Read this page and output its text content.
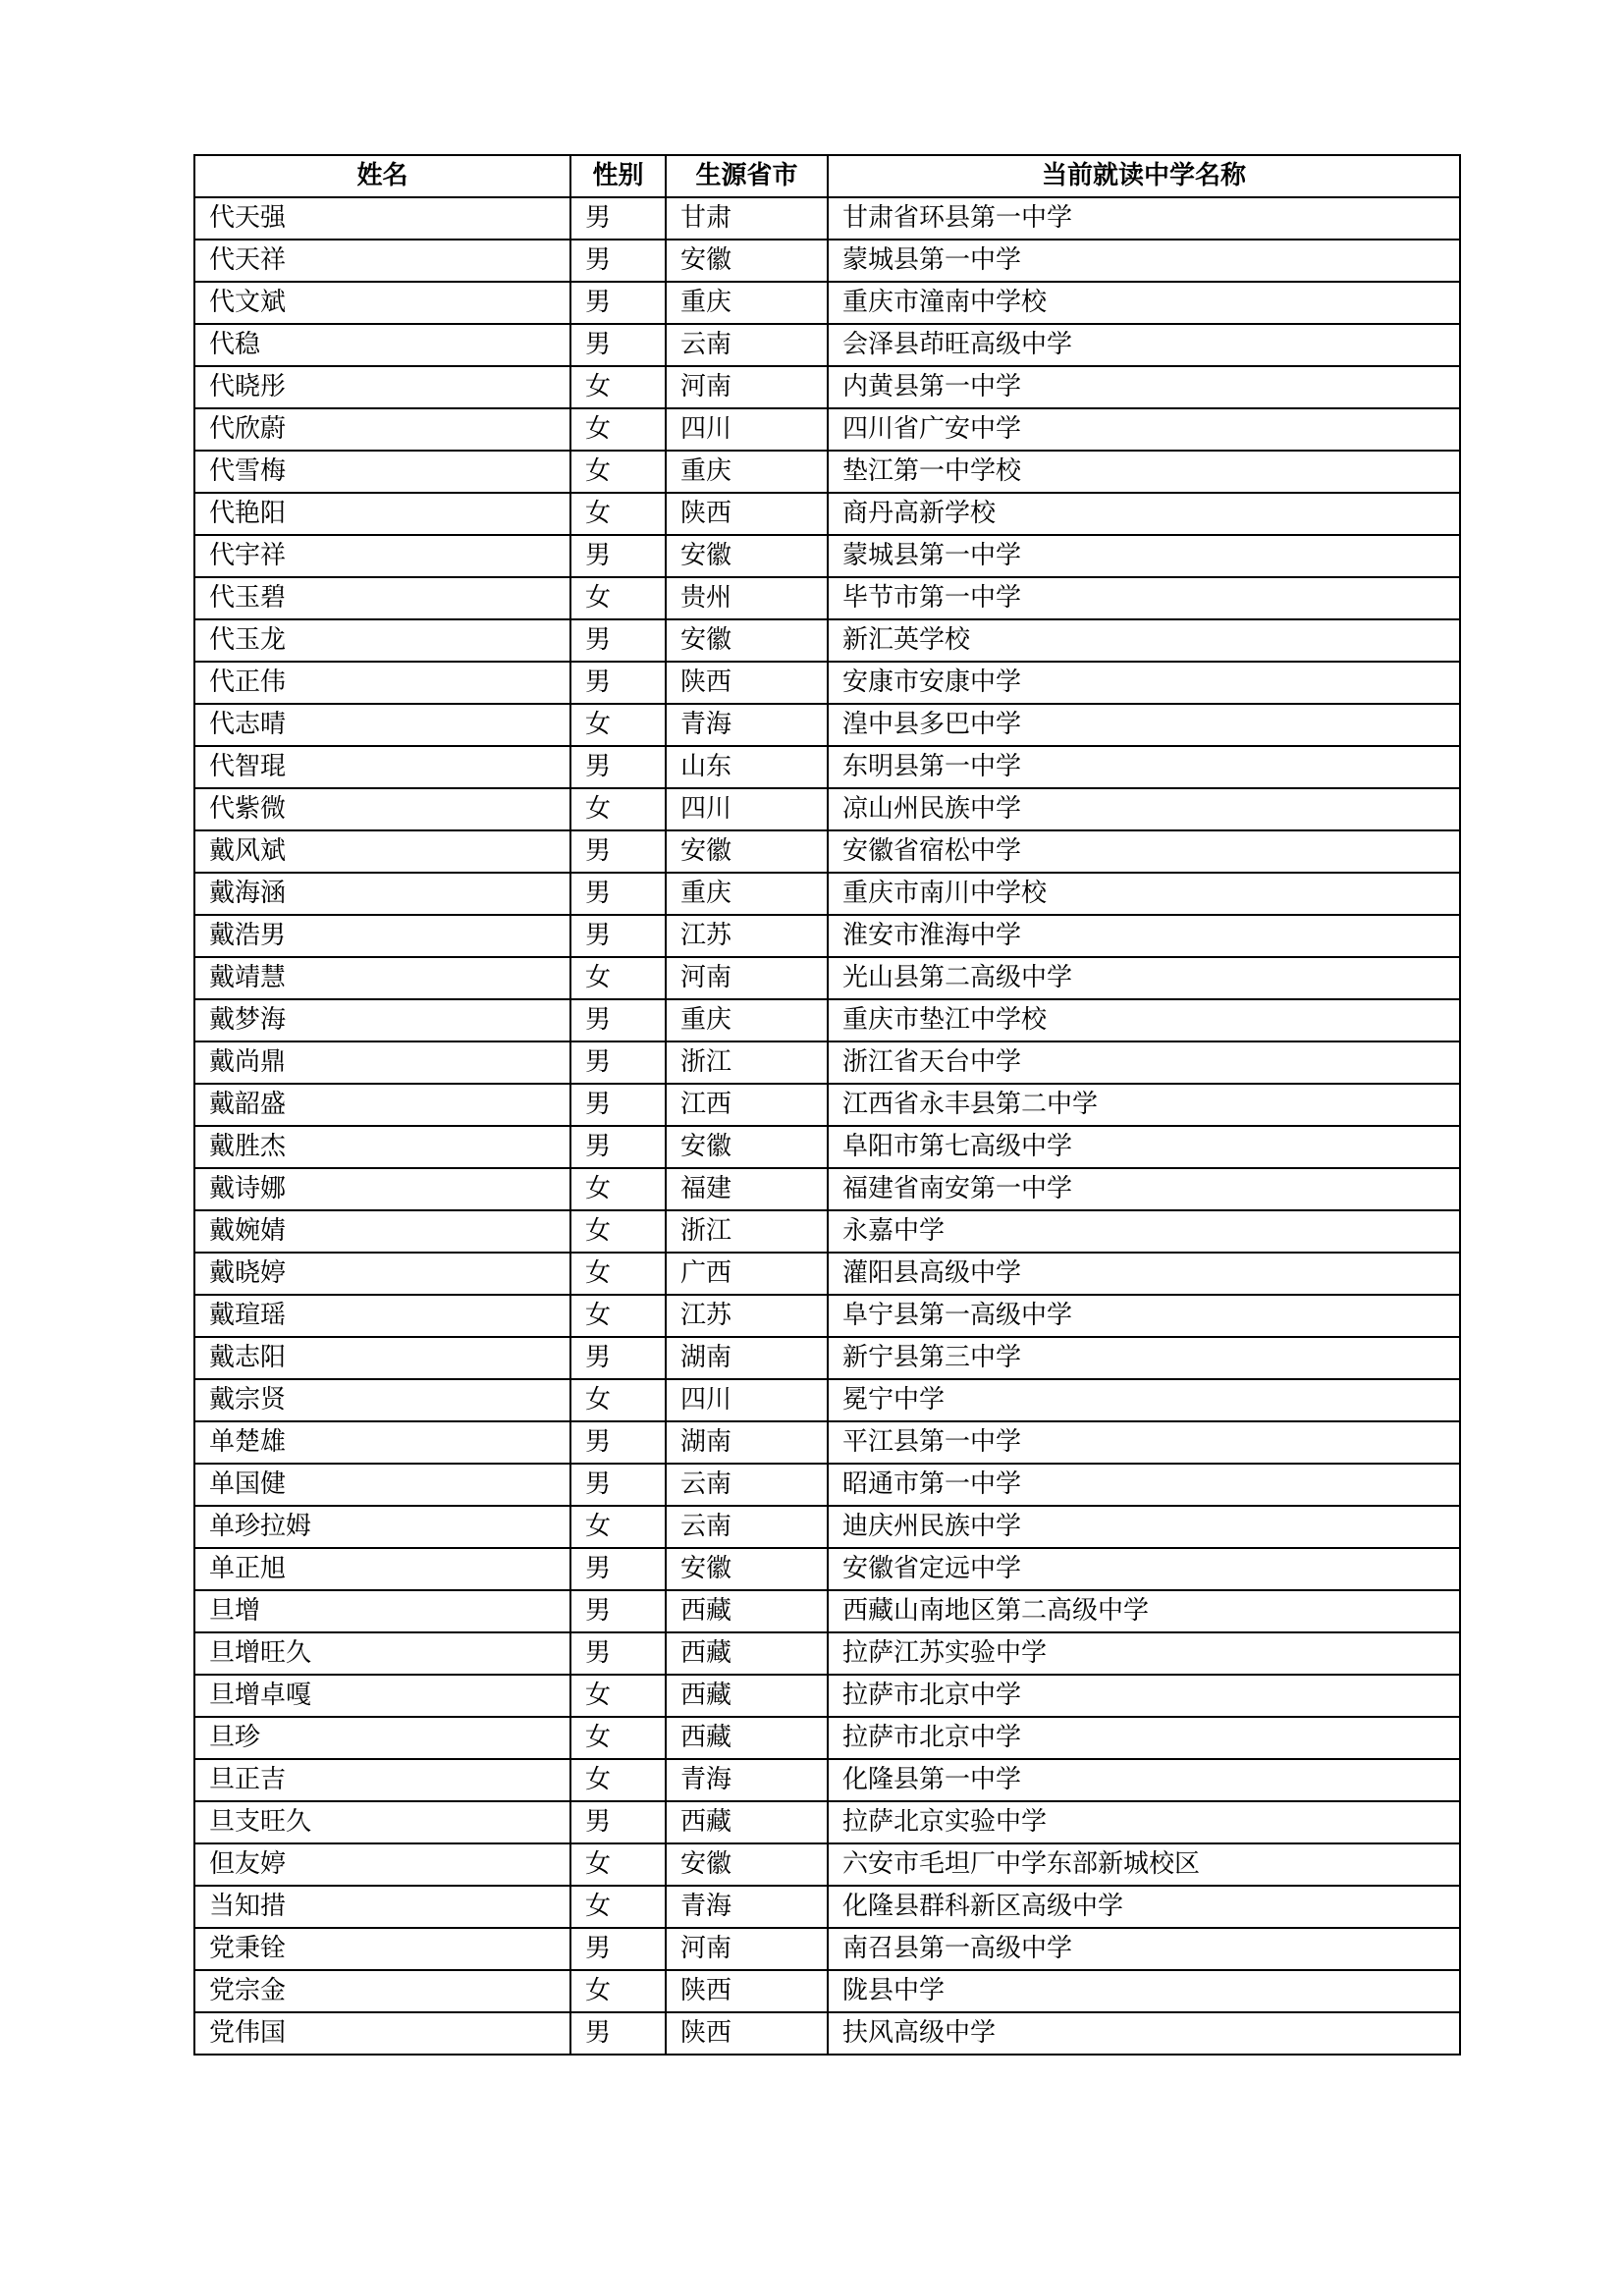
姓名	性别	生源省市	当前就读中学名称
代天强	男	甘肃	甘肃省环县第一中学
代天祥	男	安徽	蒙城县第一中学
代文斌	男	重庆	重庆市潼南中学校
代稳	男	云南	会泽县茚旺高级中学
代晓彤	女	河南	内黄县第一中学
代欣蔚	女	四川	四川省广安中学
代雪梅	女	重庆	垫江第一中学校
代艳阳	女	陕西	商丹高新学校
代宇祥	男	安徽	蒙城县第一中学
代玉碧	女	贵州	毕节市第一中学
代玉龙	男	安徽	新汇英学校
代正伟	男	陕西	安康市安康中学
代志晴	女	青海	湟中县多巴中学
代智琨	男	山东	东明县第一中学
代紫微	女	四川	凉山州民族中学
戴风斌	男	安徽	安徽省宿松中学
戴海涵	男	重庆	重庆市南川中学校
戴浩男	男	江苏	淮安市淮海中学
戴靖慧	女	河南	光山县第二高级中学
戴梦海	男	重庆	重庆市垫江中学校
戴尚鼎	男	浙江	浙江省天台中学
戴韶盛	男	江西	江西省永丰县第二中学
戴胜杰	男	安徽	阜阳市第七高级中学
戴诗娜	女	福建	福建省南安第一中学
戴婉婧	女	浙江	永嘉中学
戴晓婷	女	广西	灌阳县高级中学
戴瑄瑶	女	江苏	阜宁县第一高级中学
戴志阳	男	湖南	新宁县第三中学
戴宗贤	女	四川	冕宁中学
单楚雄	男	湖南	平江县第一中学
单国健	男	云南	昭通市第一中学
单珍拉姆	女	云南	迪庆州民族中学
单正旭	男	安徽	安徽省定远中学
旦增	男	西藏	西藏山南地区第二高级中学
旦增旺久	男	西藏	拉萨江苏实验中学
旦增卓嘎	女	西藏	拉萨市北京中学
旦珍	女	西藏	拉萨市北京中学
旦正吉	女	青海	化隆县第一中学
旦支旺久	男	西藏	拉萨北京实验中学
但友婷	女	安徽	六安市毛坦厂中学东部新城校区
当知措	女	青海	化隆县群科新区高级中学
党秉铨	男	河南	南召县第一高级中学
党宗金	女	陕西	陇县中学
党伟国	男	陕西	扶风高级中学
